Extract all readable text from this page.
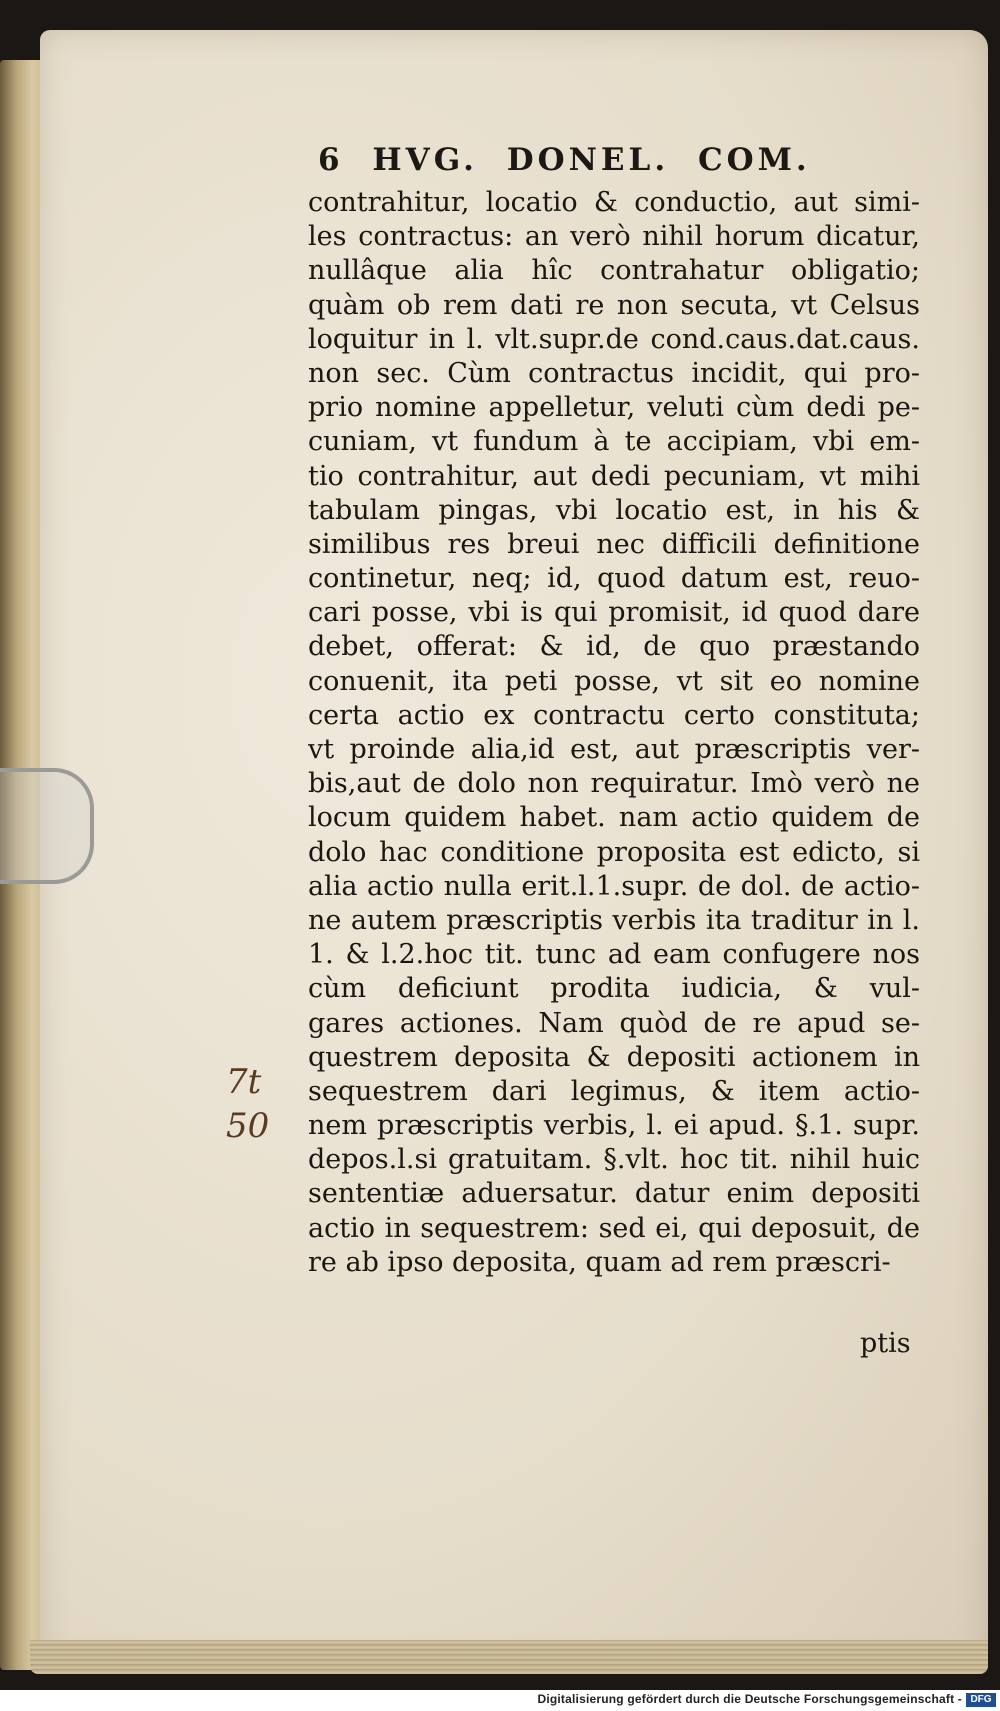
6 HVG. DONEL. COM.
contrahitur, locatio & conductio, aut simi-
les contractus: an verò nihil horum dicatur,
nullâque alia hîc contrahatur obligatio;
quàm ob rem dati re non secuta, vt Celsus
loquitur in l. vlt.supr.de cond.caus.dat.caus.
non sec. Cùm contractus incidit, qui pro-
prio nomine appelletur, veluti cùm dedi pe-
cuniam, vt fundum à te accipiam, vbi em-
tio contrahitur, aut dedi pecuniam, vt mihi
tabulam pingas, vbi locatio est, in his &
similibus res breui nec difficili definitione
continetur, neq; id, quod datum est, reuo-
cari posse, vbi is qui promisit, id quod dare
debet, offerat: & id, de quo præstando
conuenit, ita peti posse, vt sit eo nomine
certa actio ex contractu certo constituta;
vt proinde alia,id est, aut præscriptis ver-
bis,aut de dolo non requiratur. Imò verò ne
locum quidem habet. nam actio quidem de
dolo hac conditione proposita est edicto, si
alia actio nulla erit.l.1.supr. de dol. de actio-
ne autem præscriptis verbis ita traditur in l.
1. & l.2.hoc tit. tunc ad eam confugere nos
cùm deficiunt prodita iudicia, & vul-
gares actiones. Nam quòd de re apud se-
questrem deposita & depositi actionem in
sequestrem dari legimus, & item actio-
nem præscriptis verbis, l. ei apud. §.1. supr.
depos.l.si gratuitam. §.vlt. hoc tit. nihil huic
sententiæ aduersatur. datur enim depositi
actio in sequestrem: sed ei, qui deposuit, de
re ab ipso deposita, quam ad rem præscri-
ptis
7t
50
Digitalisierung gefördert durch die Deutsche Forschungsgemeinschaft - DFG
